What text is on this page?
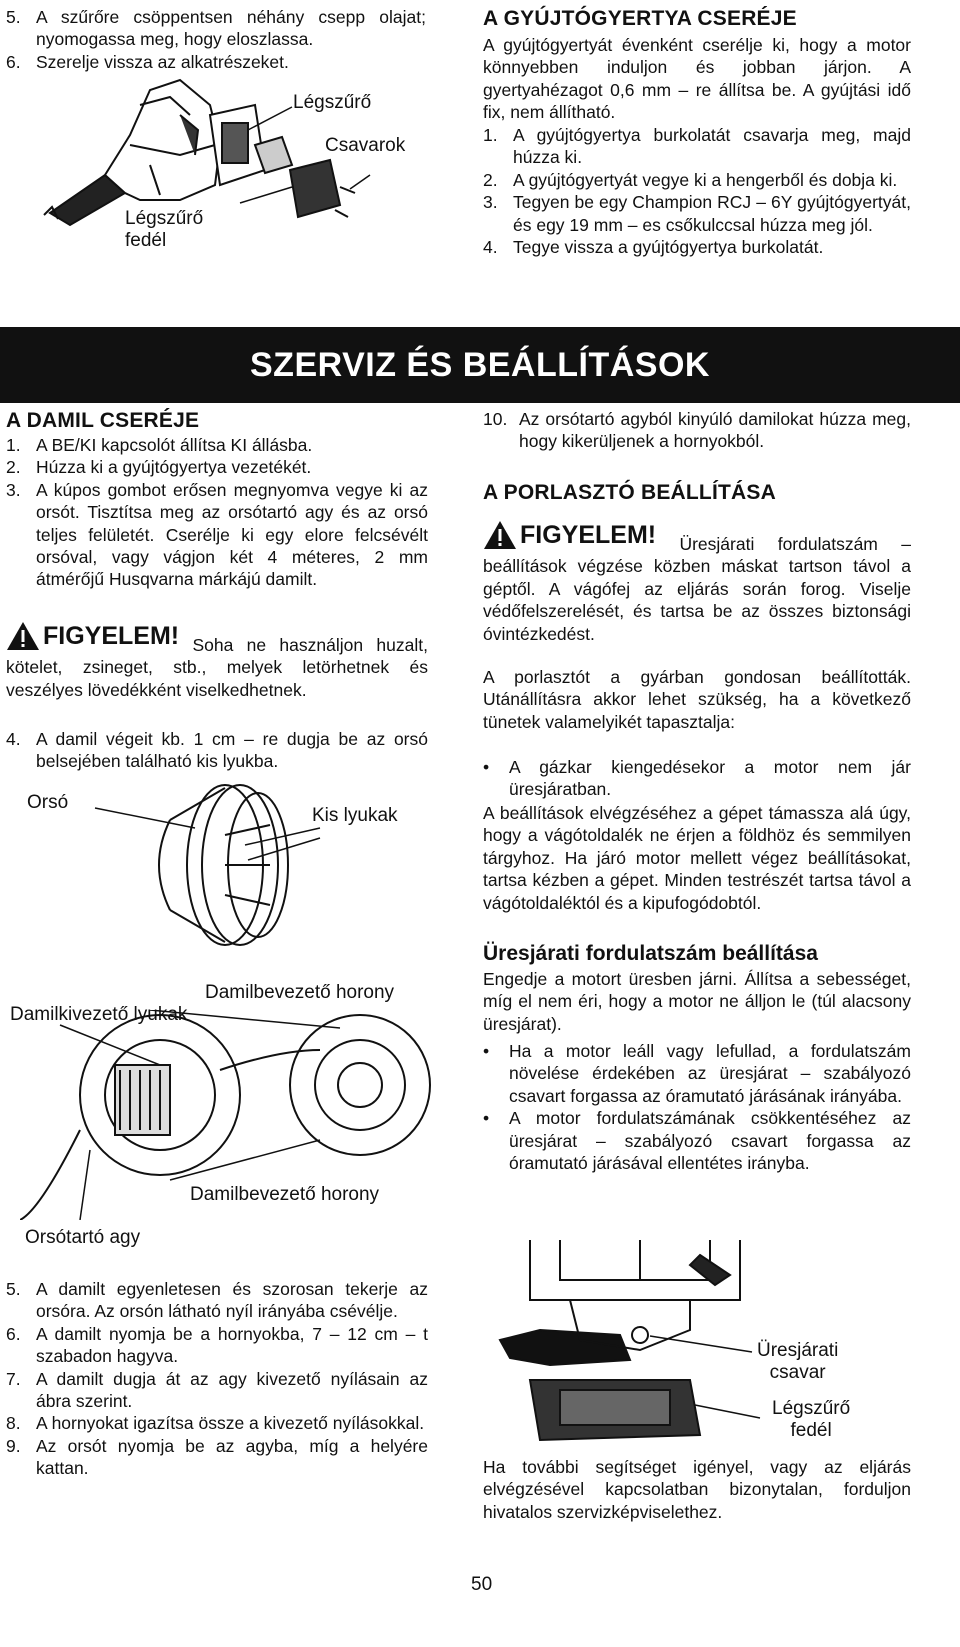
5. A szűrőre csöppentsen néhány csepp olajat; nyomogassa meg, hogy eloszlassa.
6. Szerelje vissza az alkatrészeket.
Légszűrő
Csavarok
Légszűrő
fedél
A GYÚJTÓGYERTYA CSERÉJE
A gyújtógyertyát évenként cserélje ki, hogy a motor könnyebben induljon és jobban járjon. A gyertyahézagot 0,6 mm – re állítsa be. A gyújtási idő fix, nem állítható.
1. A gyújtógyertya burkolatát csavarja meg, majd húzza ki.
2. A gyújtógyertyát vegye ki a hengerből és dobja ki.
3. Tegyen be egy Champion RCJ – 6Y gyújtógyertyát, és egy 19 mm – es csőkulccsal húzza meg jól.
4. Tegye vissza a gyújtógyertya burkolatát.
SZERVIZ ÉS BEÁLLÍTÁSOK
A DAMIL CSERÉJE
1. A BE/KI kapcsolót állítsa KI állásba.
2. Húzza ki a gyújtógyertya vezetékét.
3. A kúpos gombot erősen megnyomva vegye ki az orsót. Tisztítsa meg az orsótartó agy és az orsó teljes felületét. Cserélje ki egy elore felcsévélt orsóval, vagy vágjon két 4 méteres, 2 mm átmérőjű Husqvarna márkájú damilt.
FIGYELEM! Soha ne használjon huzalt, kötelet, zsineget, stb., melyek letörhetnek és veszélyes lövedékként viselkedhetnek.
4. A damil végeit kb. 1 cm – re dugja be az orsó belsejében található kis lyukba.
Orsó
Kis lyukak
Damilbevezető horony
Damilkivezető lyukak
Damilbevezető horony
Orsótartó agy
5. A damilt egyenletesen és szorosan tekerje az orsóra. Az orsón látható nyíl irányába csévélje.
6. A damilt nyomja be a hornyokba, 7 – 12 cm – t szabadon hagyva.
7. A damilt dugja át az agy kivezető nyílásain az ábra szerint.
8. A hornyokat igazítsa össze a kivezető nyílásokkal.
9. Az orsót nyomja be az agyba, míg a helyére kattan.
10. Az orsótartó agyból kinyúló damilokat húzza meg, hogy kikerüljenek a hornyokból.
A PORLASZTÓ BEÁLLÍTÁSA
FIGYELEM! Üresjárati fordulatszám – beállítások végzése közben máskat tartson távol a géptől. A vágófej az eljárás során forog. Viselje védőfelszerelését, és tartsa be az összes biztonsági óvintézkedést.
A porlasztót a gyárban gondosan beállították. Utánállításra akkor lehet szükség, ha a következő tünetek valamelyikét tapasztalja:
•	A gázkar kiengedésekor a motor nem jár üresjáratban.
A beállítások elvégzéséhez a gépet támassza alá úgy, hogy a vágótoldalék ne érjen a földhöz és semmilyen tárgyhoz. Ha járó motor mellett végez beállításokat, tartsa kézben a gépet. Minden testrészét tartsa távol a vágótoldaléktól és a kipufogódobtól.
Üresjárati fordulatszám beállítása
Engedje a motort üresben járni. Állítsa a sebességet, míg el nem éri, hogy a motor ne álljon le (túl alacsony üresjárat).
•	Ha a motor leáll vagy lefullad, a fordulatszám növelése érdekében az üresjárat – szabályozó csavart forgassa az óramutató járásának irányába.
•	A motor fordulatszámának csökkentéséhez az üresjárat – szabályozó csavart forgassa az óramutató járásával ellentétes irányba.
Üresjárati
csavar
Légszűrő
fedél
Ha további segítséget igényel, vagy az eljárás elvégzésével kapcsolatban bizonytalan, forduljon hivatalos szervizképviselethez.
50
